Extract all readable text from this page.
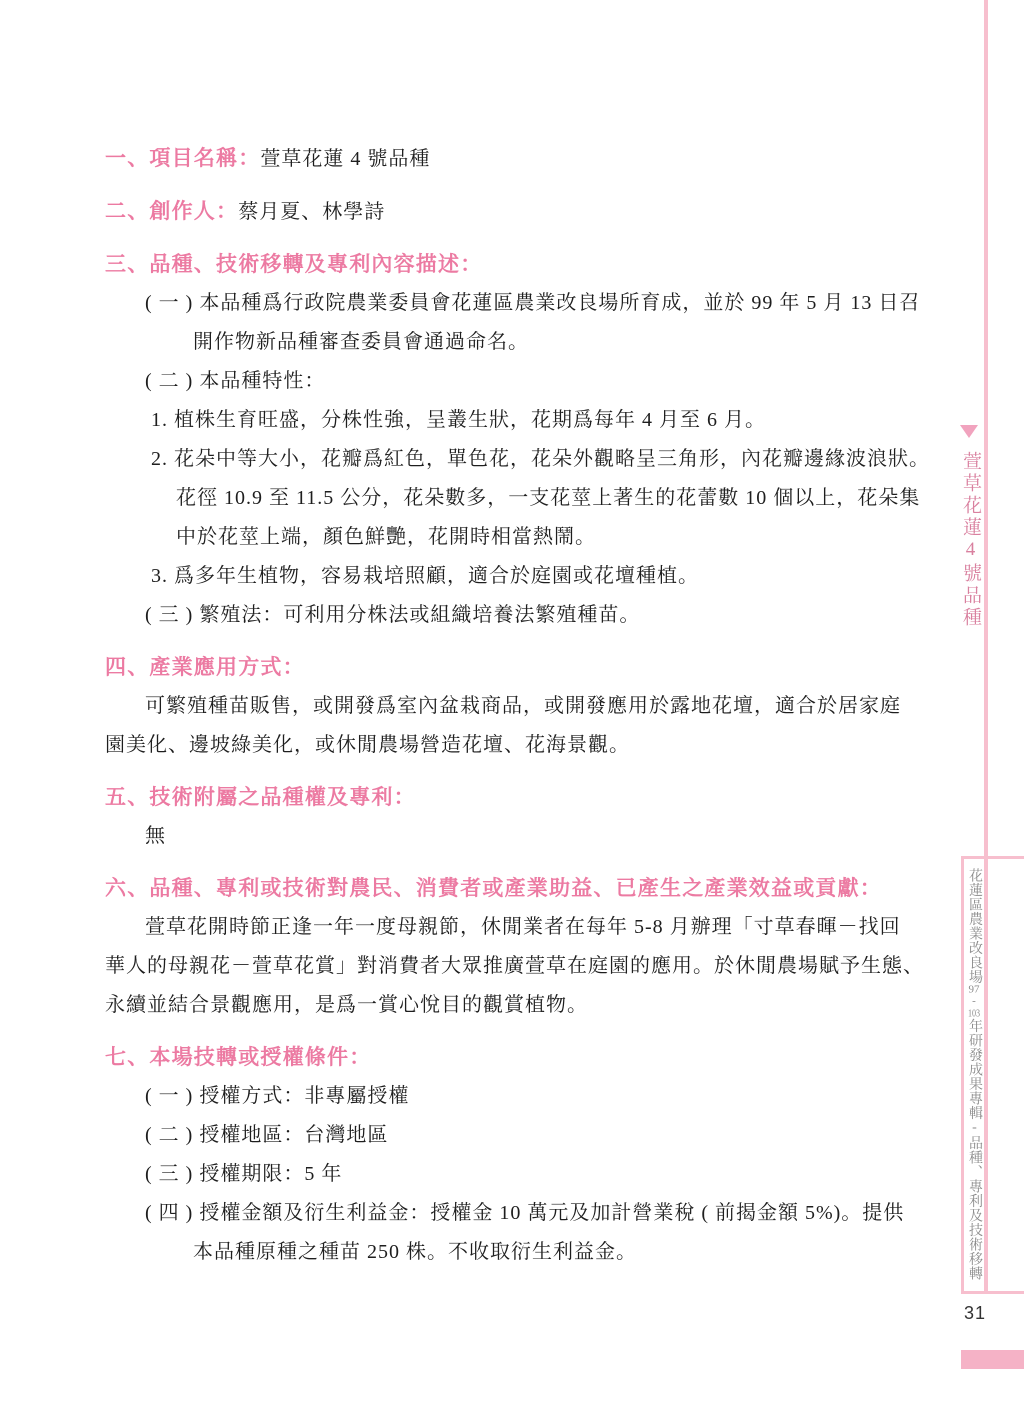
一、項目名稱：萱草花蓮 4 號品種
二、創作人：蔡月夏、林學詩
三、品種、技術移轉及專利內容描述：
( 一 ) 本品種爲行政院農業委員會花蓮區農業改良場所育成，並於 99 年 5 月 13 日召
開作物新品種審查委員會通過命名。
( 二 ) 本品種特性：
1. 植株生育旺盛，分株性強，呈叢生狀，花期爲每年 4 月至 6 月。
2. 花朵中等大小，花瓣爲紅色，單色花，花朵外觀略呈三角形，內花瓣邊緣波浪狀。
花徑 10.9 至 11.5 公分，花朵數多，一支花莖上著生的花蕾數 10 個以上，花朵集
中於花莖上端，顏色鮮艷，花開時相當熱鬧。
3. 爲多年生植物，容易栽培照顧，適合於庭園或花壇種植。
( 三 ) 繁殖法：可利用分株法或組織培養法繁殖種苗。
四、產業應用方式：
可繁殖種苗販售，或開發爲室內盆栽商品，或開發應用於露地花壇，適合於居家庭
園美化、邊坡綠美化，或休閒農場營造花壇、花海景觀。
五、技術附屬之品種權及專利：
無
六、品種、專利或技術對農民、消費者或產業助益、已產生之產業效益或貢獻：
萱草花開時節正逢一年一度母親節，休閒業者在每年 5-8 月辦理「寸草春暉－找回
華人的母親花－萱草花賞」對消費者大眾推廣萱草在庭園的應用。於休閒農場賦予生態、
永續並結合景觀應用，是爲一賞心悅目的觀賞植物。
七、本場技轉或授權條件：
( 一 ) 授權方式：非專屬授權
( 二 ) 授權地區：台灣地區
( 三 ) 授權期限：5 年
( 四 ) 授權金額及衍生利益金：授權金 10 萬元及加計營業稅 ( 前揭金額 5%)。提供
本品種原種之種苗 250 株。不收取衍生利益金。
萱草花蓮4號品種
花蓮區農業改良場97-103年研發成果專輯-品種、專利及技術移轉
31
